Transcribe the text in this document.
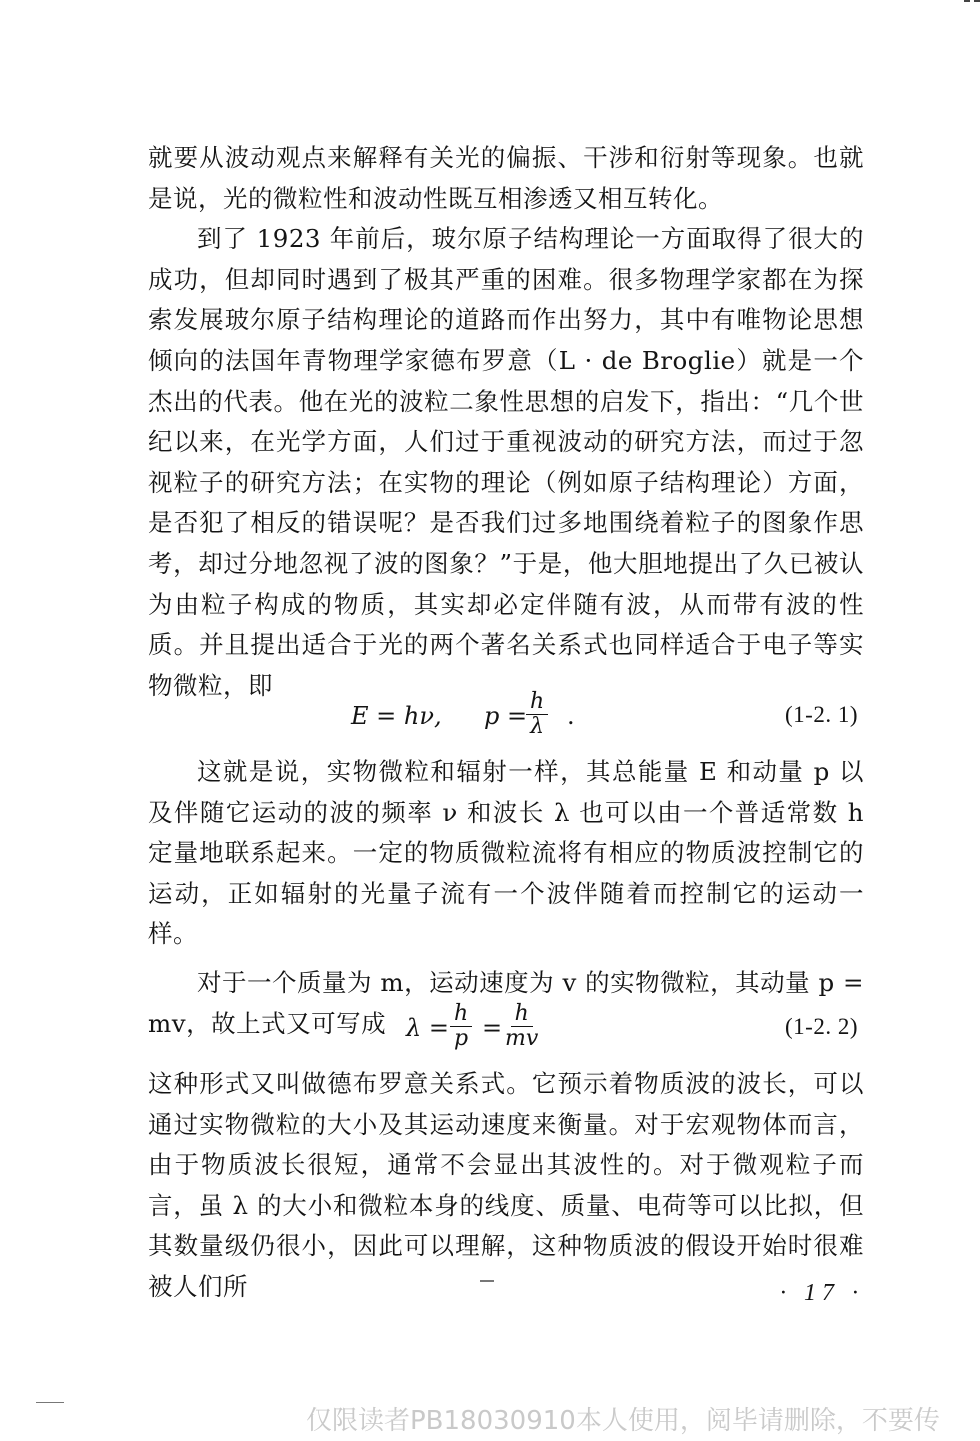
就要从波动观点来解释有关光的偏振、干涉和衍射等现象。也就是说，光的微粒性和波动性既互相渗透又相互转化。

到了 1923 年前后，玻尔原子结构理论一方面取得了很大的成功，但却同时遇到了极其严重的困难。很多物理学家都在为探索发展玻尔原子结构理论的道路而作出努力，其中有唯物论思想倾向的法国年青物理学家德布罗意（L · de Broglie）就是一个杰出的代表。他在光的波粒二象性思想的启发下，指出：“几个世纪以来，在光学方面，人们过于重视波动的研究方法，而过于忽视粒子的研究方法；在实物的理论（例如原子结构理论）方面，是否犯了相反的错误呢？是否我们过多地围绕着粒子的图象作思考，却过分地忽视了波的图象？”于是，他大胆地提出了久已被认为由粒子构成的物质，其实却必定伴随有波，从而带有波的性质。并且提出适合于光的两个著名关系式也同样适合于电子等实物微粒，即

E = hν, p =
$\frac{h}{\lambda}$ .	(1-2. 1)

这就是说，实物微粒和辐射一样，其总能量 E 和动量 p 以及伴随它运动的波的频率 ν 和波长 λ 也可以由一个普适常数 h 定量地联系起来。一定的物质微粒流将有相应的物质波控制它的运动，正如辐射的光量子流有一个波伴随着而控制它的运动一样。

对于一个质量为 m，运动速度为 v 的实物微粒，其动量 p = mv，故上式又可写成 $\lambda = \frac{h}{p}$ =
$\frac{h}{mv}$	(1-2. 2)

这种形式又叫做德布罗意关系式。它预示着物质波的波长，可以通过实物微粒的大小及其运动速度来衡量。对于宏观物体而言，由于物质波长很短，通常不会显出其波性的。对于微观粒子而言，虽 λ 的大小和微粒本身的线度、质量、电荷等可以比拟，但其数量级仍很小，因此可以理解，这种物质波的假设开始时很难被人们所	· 17 ·
仅限读者PB18030910本人使用，阅毕请删除，不要传
